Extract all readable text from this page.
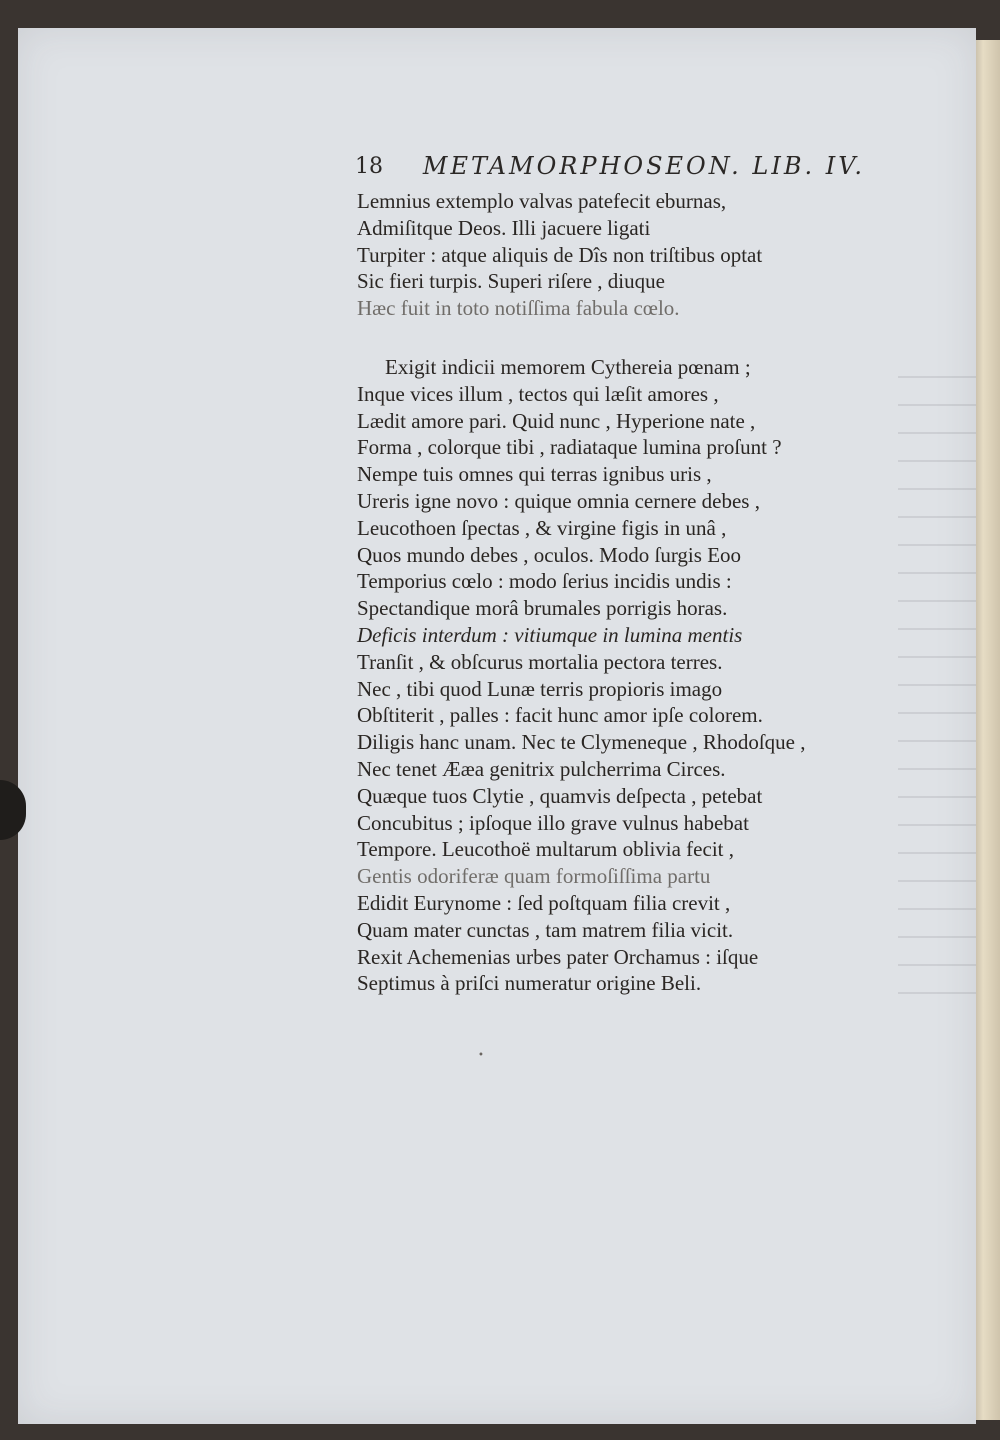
18 METAMORPHOSEON. LIB. IV.
Lemnius extemplo valvas patefecit eburnas,
Admiſitque Deos. Illi jacuere ligati
Turpiter : atque aliquis de Dîs non triſtibus optat
Sic fieri turpis. Superi riſere , diuque
Hæc fuit in toto notiſſima fabula cœlo.
Exigit indicii memorem Cythereia pœnam ;
Inque vices illum , tectos qui læſit amores ,
Lædit amore pari. Quid nunc , Hyperione nate ,
Forma , colorque tibi , radiataque lumina proſunt ?
Nempe tuis omnes qui terras ignibus uris ,
Ureris igne novo : quique omnia cernere debes ,
Leucothoen ſpectas , & virgine figis in unâ ,
Quos mundo debes , oculos. Modo ſurgis Eoo
Temporius cœlo : modo ſerius incidis undis :
Spectandique morâ brumales porrigis horas.
Deficis interdum : vitiumque in lumina mentis
Tranſit , & obſcurus mortalia pectora terres.
Nec , tibi quod Lunæ terris propioris imago
Obſtiterit , palles : facit hunc amor ipſe colorem.
Diligis hanc unam. Nec te Clymeneque , Rhodoſque ,
Nec tenet Ææa genitrix pulcherrima Circes.
Quæque tuos Clytie , quamvis deſpecta , petebat
Concubitus ; ipſoque illo grave vulnus habebat
Tempore. Leucothoë multarum oblivia fecit ,
Gentis odoriferæ quam formoſiſſima partu
Edidit Eurynome : ſed poſtquam filia crevit ,
Quam mater cunctas , tam matrem filia vicit.
Rexit Achemenias urbes pater Orchamus : iſque
Septimus à priſci numeratur origine Beli.
•
